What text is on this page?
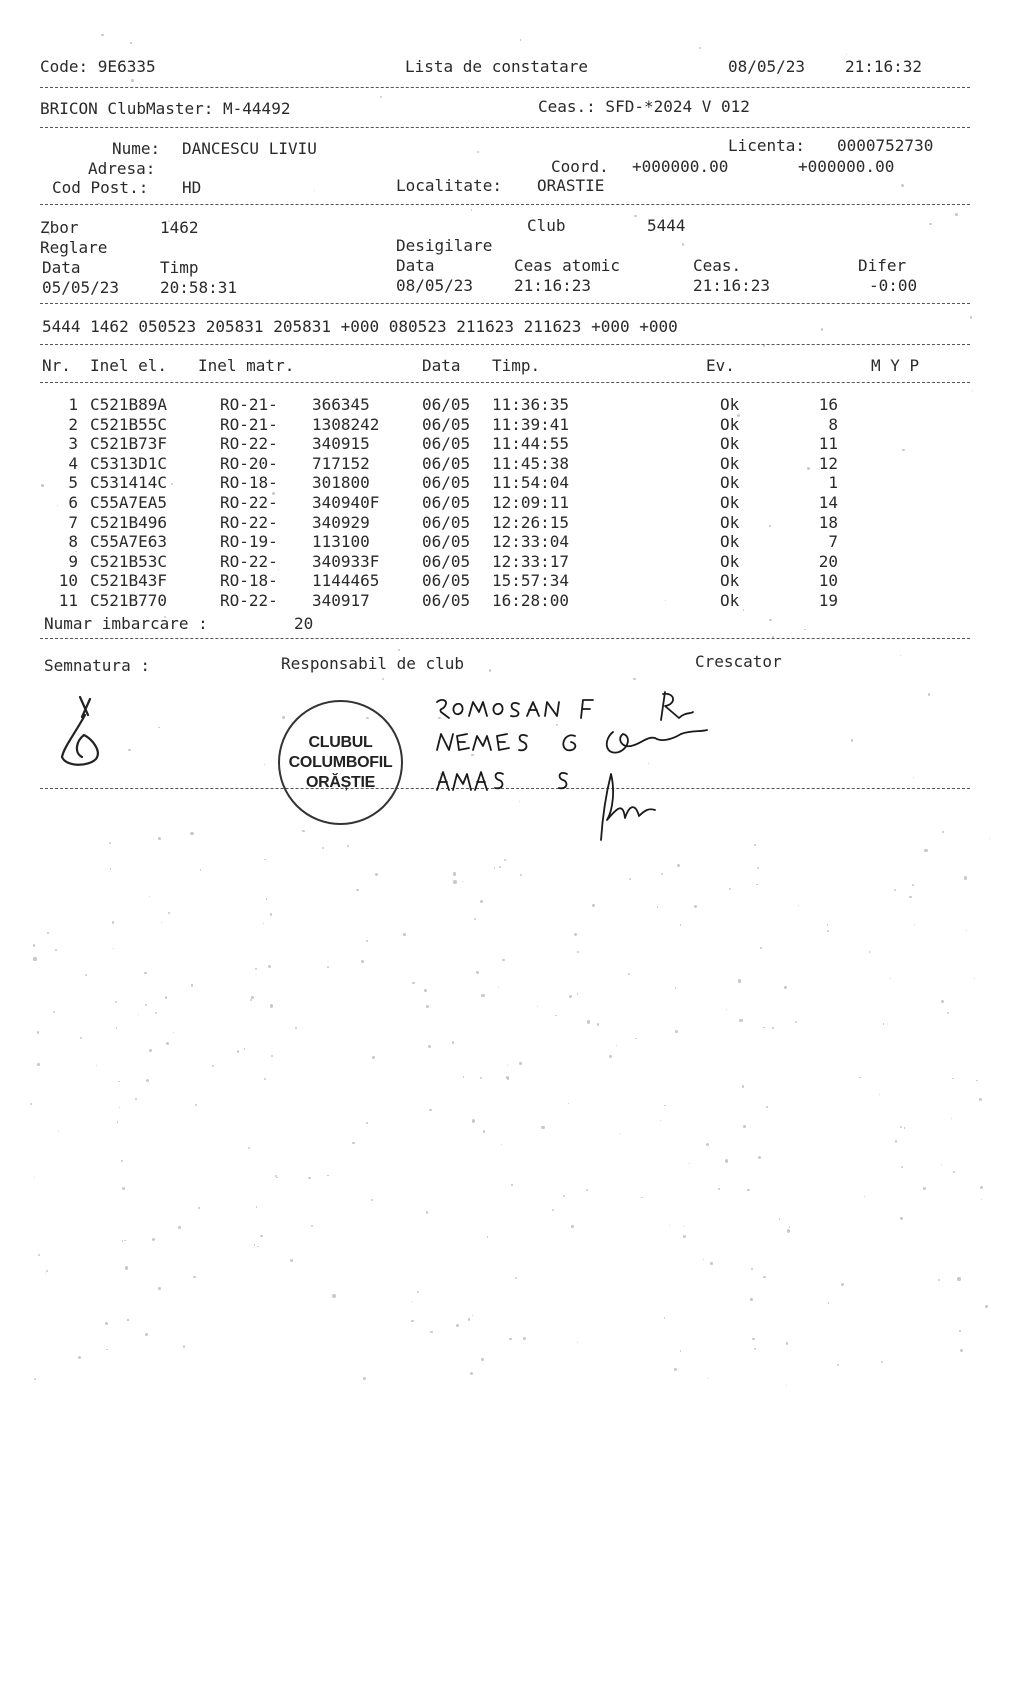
Code: 9E6335	Lista de constatare	08/05/23 21:16:32
BRICON ClubMaster: M-44492	Ceas.: SFD-*2024 V 012
Nume: DANCESCU LIVIU	Licenta: 0000752730
Adresa:	Coord. +000000.00	+000000.00
Cod Post.: HD	Localitate: ORASTIE
Zbor	1462	Club	5444
Reglare	Desigilare
Data	Timp	Data	Ceas atomic	Ceas.	Difer
05/05/23	20:58:31	08/05/23	21:16:23	21:16:23	-0:00
5444 1462 050523 205831 205831 +000 080523 211623 211623 +000 +000
Nr. Inel el. Inel matr.	Data Timp.	Ev.	M Y P
1 C521B89A	RO-21- 366345	06/05 11:36:35	Ok	16
2 C521B55C	RO-21- 1308242	06/05 11:39:41	Ok	8
3 C521B73F	RO-22- 340915	06/05 11:44:55	Ok	11
4 C5313D1C	RO-20- 717152	06/05 11:45:38	Ok	12
5 C531414C	RO-18- 301800	06/05 11:54:04	Ok	1
6 C55A7EA5	RO-22- 340940F	06/05 12:09:11	Ok	14
7 C521B496	RO-22- 340929	06/05 12:26:15	Ok	18
8 C55A7E63	RO-19- 113100	06/05 12:33:04	Ok	7
9 C521B53C	RO-22- 340933F	06/05 12:33:17	Ok	20
10 C521B43F	RO-18- 1144465	06/05 15:57:34	Ok	10
11 C521B770	RO-22- 340917	06/05 16:28:00	Ok	19
Numar imbarcare :	20
Semnatura :	Responsabil de club	Crescator
CLUBUL
COLUMBOFIL
ORĂȘTIE
